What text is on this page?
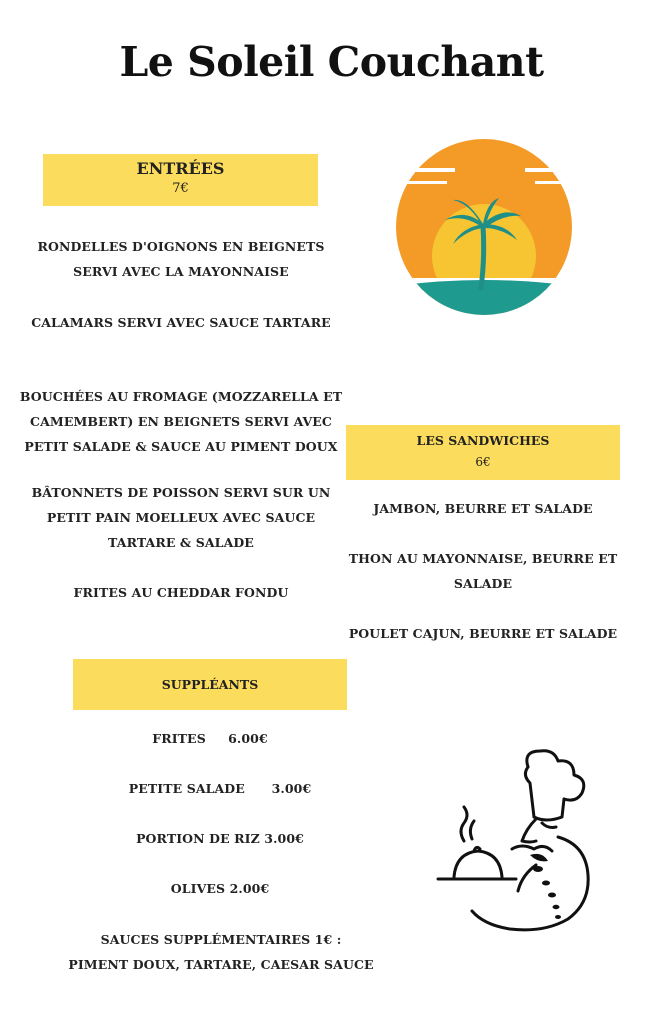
Le Soleil Couchant
ENTRÉES
7€
RONDELLES D'OIGNONS EN BEIGNETS
SERVI AVEC LA MAYONNAISE
CALAMARS SERVI AVEC SAUCE TARTARE
BOUCHÉES AU FROMAGE (MOZZARELLA ET
CAMEMBERT) EN BEIGNETS SERVI AVEC
PETIT SALADE & SAUCE AU PIMENT DOUX
BÂTONNETS DE POISSON SERVI SUR UN
PETIT PAIN MOELLEUX AVEC SAUCE
TARTARE & SALADE
FRITES AU CHEDDAR FONDU
LES SANDWICHES
6€
JAMBON, BEURRE ET SALADE
THON AU MAYONNAISE, BEURRE ET
SALADE
POULET CAJUN, BEURRE ET SALADE
SUPPLÉANTS
FRITES 6.00€
PETITE SALADE 3.00€
PORTION DE RIZ 3.00€
OLIVES 2.00€
SAUCES SUPPLÉMENTAIRES 1€ :
PIMENT DOUX, TARTARE, CAESAR SAUCE
